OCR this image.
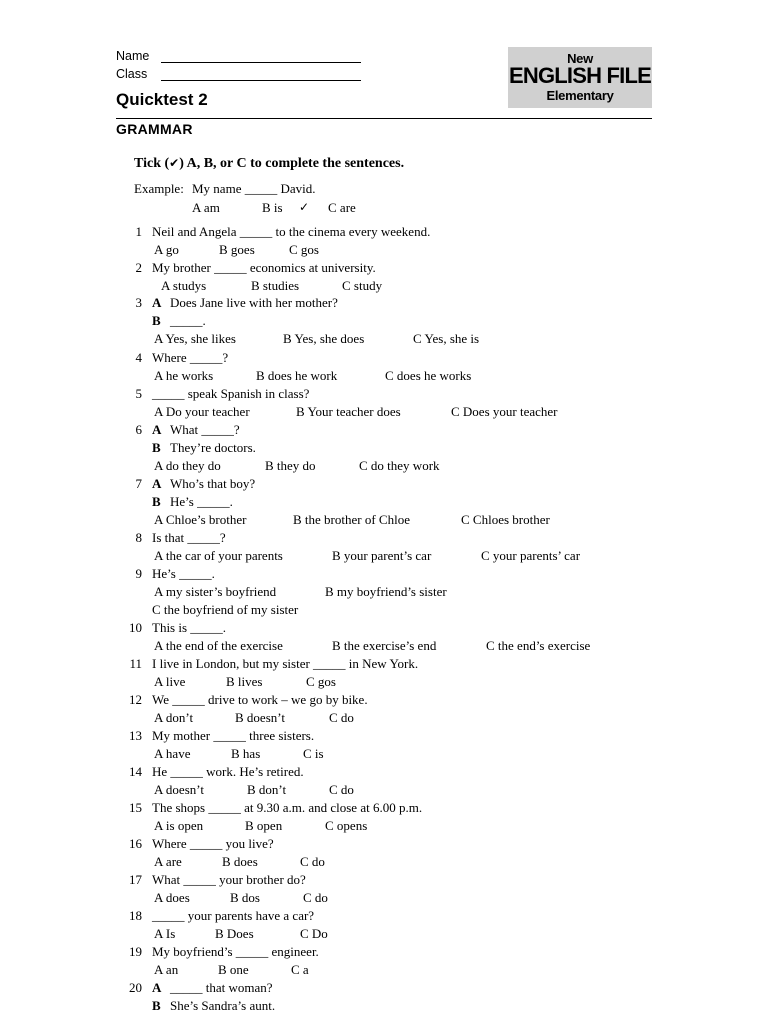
Name
Class
New
ENGLISH FILE
Elementary
Quicktest 2
GRAMMAR
Tick (✔) A, B, or C to complete the sentences.
Example: My name _____ David.
A am	B is ✓ C are
1 Neil and Angela _____ to the cinema every weekend.
A go	B goes	C gos
2 My brother _____ economics at university.
A studys	B studies	C study
3 A Does Jane live with her mother?
B _____.
A Yes, she likes	B Yes, she does	C Yes, she is
4 Where _____?
A he works	B does he work	C does he works
5 _____ speak Spanish in class?
A Do your teacher	B Your teacher does	C Does your teacher
6 A What _____?
B They’re doctors.
A do they do	B they do	C do they work
7 A Who’s that boy?
B He’s _____.
A Chloe’s brother	B the brother of Chloe	C Chloes brother
8 Is that _____?
A the car of your parents	B your parent’s car	C your parents’ car
9 He’s _____.
A my sister’s boyfriend	B my boyfriend’s sister
C the boyfriend of my sister
10 This is _____.
A the end of the exercise	B the exercise’s end	C the end’s exercise
11 I live in London, but my sister _____ in New York.
A live	B lives	C gos
12 We _____ drive to work – we go by bike.
A don’t	B doesn’t	C do
13 My mother _____ three sisters.
A have	B has	C is
14 He _____ work. He’s retired.
A doesn’t	B don’t	C do
15 The shops _____ at 9.30 a.m. and close at 6.00 p.m.
A is open	B open	C opens
16 Where _____ you live?
A are	B does	C do
17 What _____ your brother do?
A does	B dos	C do
18 _____ your parents have a car?
A Is	B Does	C Do
19 My boyfriend’s _____ engineer.
A an	B one	C a
20 A _____ that woman?
B She’s Sandra’s aunt.
